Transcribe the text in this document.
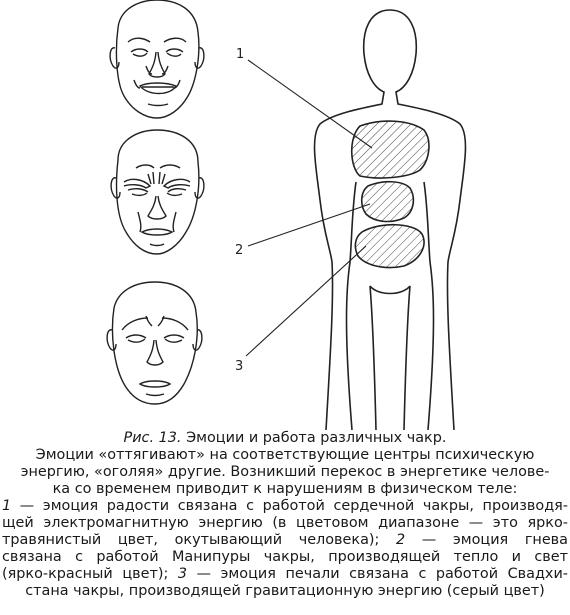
1
2
3
Рис. 13. Эмоции и работа различных чакр.
Эмоции «оттягивают» на соответствующие центры психическую
энергию, «оголяя» другие. Возникший перекос в энергетике челове-
ка со временем приводит к нарушениям в физическом теле:
1 — эмоция радости связана с работой сердечной чакры, производя-
щей электромагнитную энергию (в цветовом диапазоне — это ярко-
травянистый цвет, окутывающий человека); 2 — эмоция гнева
связана с работой Манипуры чакры, производящей тепло и свет
(ярко-красный цвет); 3 — эмоция печали связана с работой Свадхи-
стана чакры, производящей гравитационную энергию (серый цвет)
